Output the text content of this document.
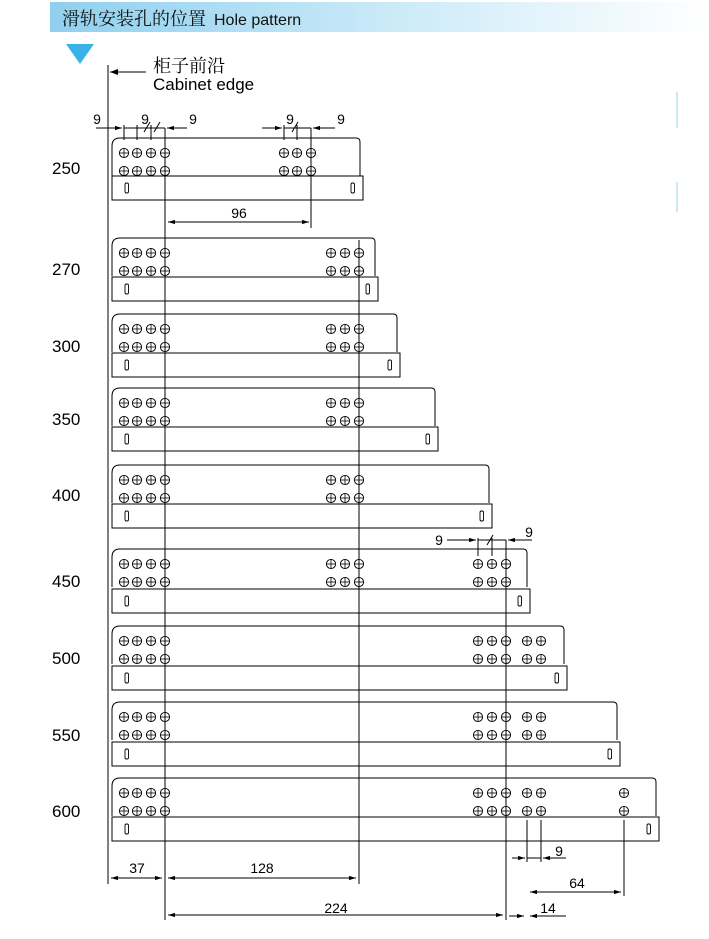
滑轨安装孔的位置 Hole pattern
柜子前沿
Cabinet edge
250
270
300
350
400
450
500
550
600
9	9	9	9	9
96
9	9
37	128
224
9
64
14
